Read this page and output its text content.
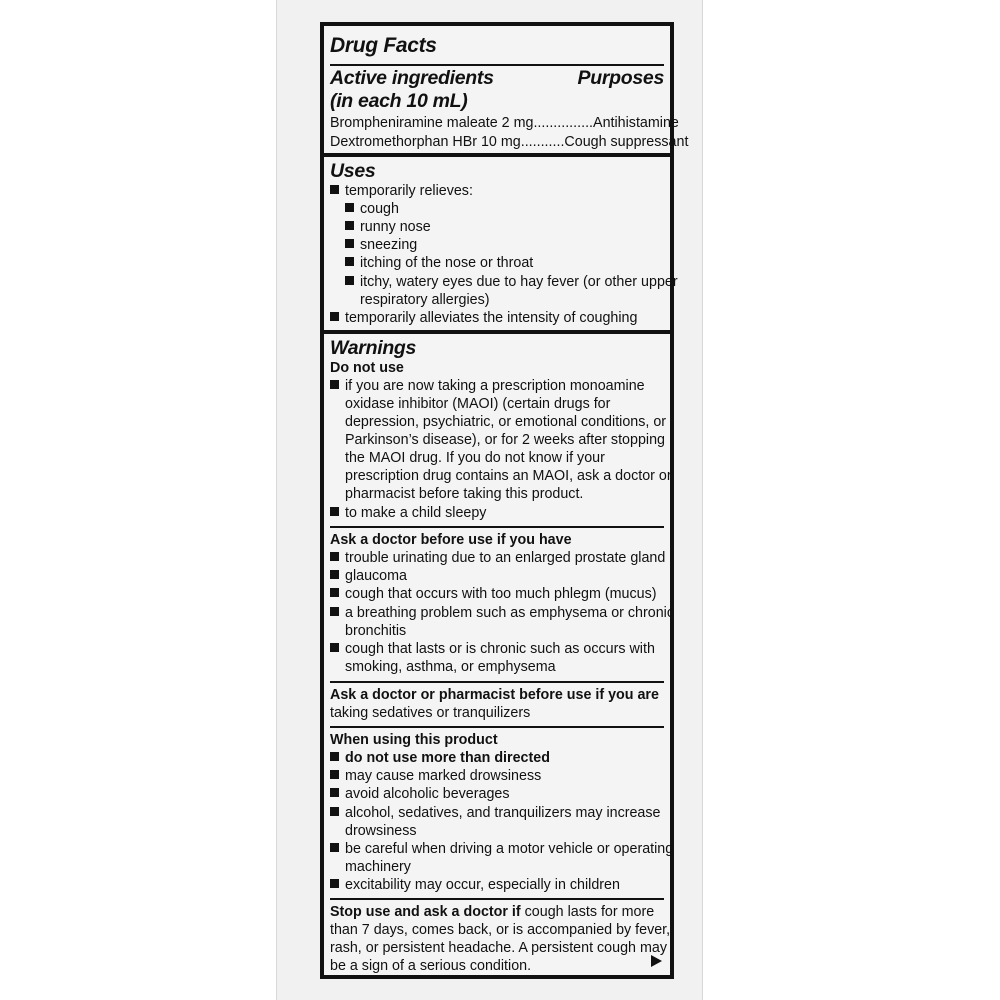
Drug Facts
Active ingredients	Purposes
(in each 10 mL)
Brompheniramine maleate 2 mg............... Antihistamine
Dextromethorphan HBr 10 mg........... Cough suppressant
Uses
temporarily relieves:
cough
runny nose
sneezing
itching of the nose or throat
itchy, watery eyes due to hay fever (or other upper
respiratory allergies)
temporarily alleviates the intensity of coughing
Warnings
Do not use
if you are now taking a prescription monoamine
oxidase inhibitor (MAOI) (certain drugs for
depression, psychiatric, or emotional conditions, or
Parkinson’s disease), or for 2 weeks after stopping
the MAOI drug. If you do not know if your
prescription drug contains an MAOI, ask a doctor or
pharmacist before taking this product.
to make a child sleepy
Ask a doctor before use if you have
trouble urinating due to an enlarged prostate gland
glaucoma
cough that occurs with too much phlegm (mucus)
a breathing problem such as emphysema or chronic
bronchitis
cough that lasts or is chronic such as occurs with
smoking, asthma, or emphysema
Ask a doctor or pharmacist before use if you are
taking sedatives or tranquilizers
When using this product
do not use more than directed
may cause marked drowsiness
avoid alcoholic beverages
alcohol, sedatives, and tranquilizers may increase
drowsiness
be careful when driving a motor vehicle or operating
machinery
excitability may occur, especially in children
Stop use and ask a doctor if cough lasts for more
than 7 days, comes back, or is accompanied by fever,
rash, or persistent headache. A persistent cough may
be a sign of a serious condition.
